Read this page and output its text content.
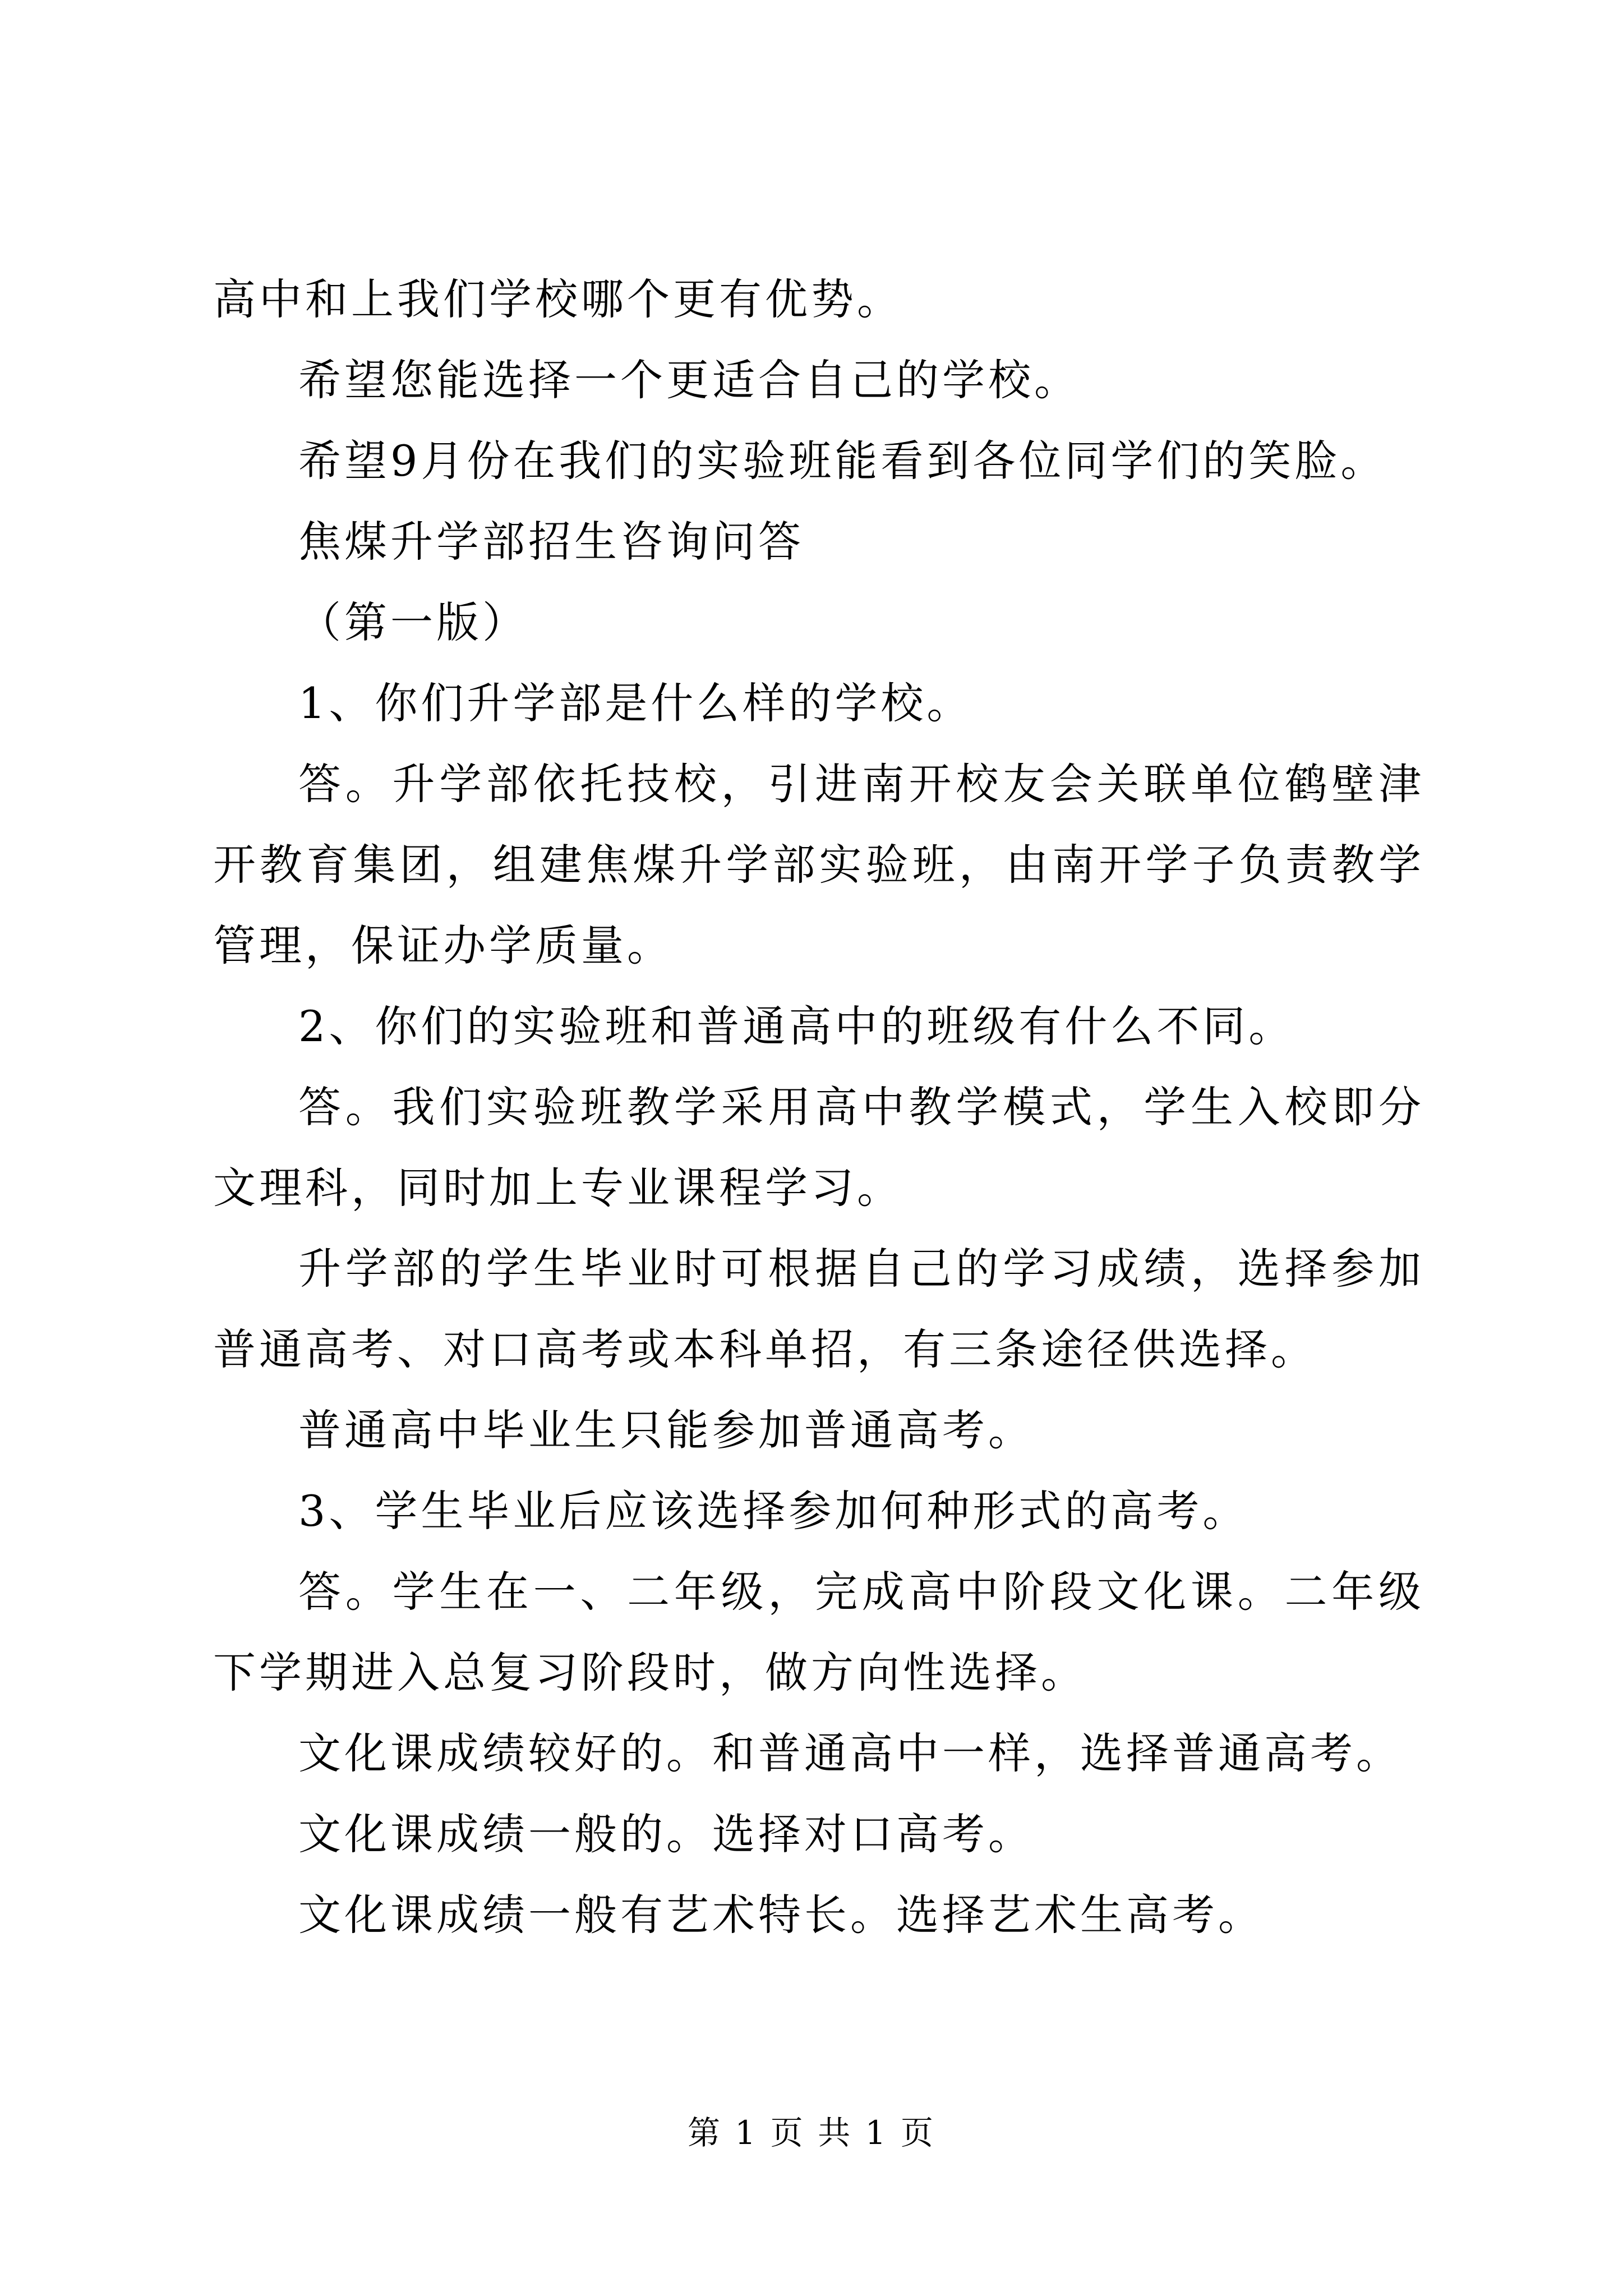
高中和上我们学校哪个更有优势。

希望您能选择一个更适合自己的学校。

希望9月份在我们的实验班能看到各位同学们的笑脸。

焦煤升学部招生咨询问答

（第一版）

1、你们升学部是什么样的学校。

答。升学部依托技校，引进南开校友会关联单位鹤壁津开教育集团，组建焦煤升学部实验班，由南开学子负责教学管理，保证办学质量。

2、你们的实验班和普通高中的班级有什么不同。

答。我们实验班教学采用高中教学模式，学生入校即分文理科，同时加上专业课程学习。

升学部的学生毕业时可根据自己的学习成绩，选择参加普通高考、对口高考或本科单招，有三条途径供选择。

普通高中毕业生只能参加普通高考。

3、学生毕业后应该选择参加何种形式的高考。

答。学生在一、二年级，完成高中阶段文化课。二年级下学期进入总复习阶段时，做方向性选择。

文化课成绩较好的。和普通高中一样，选择普通高考。

文化课成绩一般的。选择对口高考。

文化课成绩一般有艺术特长。选择艺术生高考。

第 1 页 共 1 页
